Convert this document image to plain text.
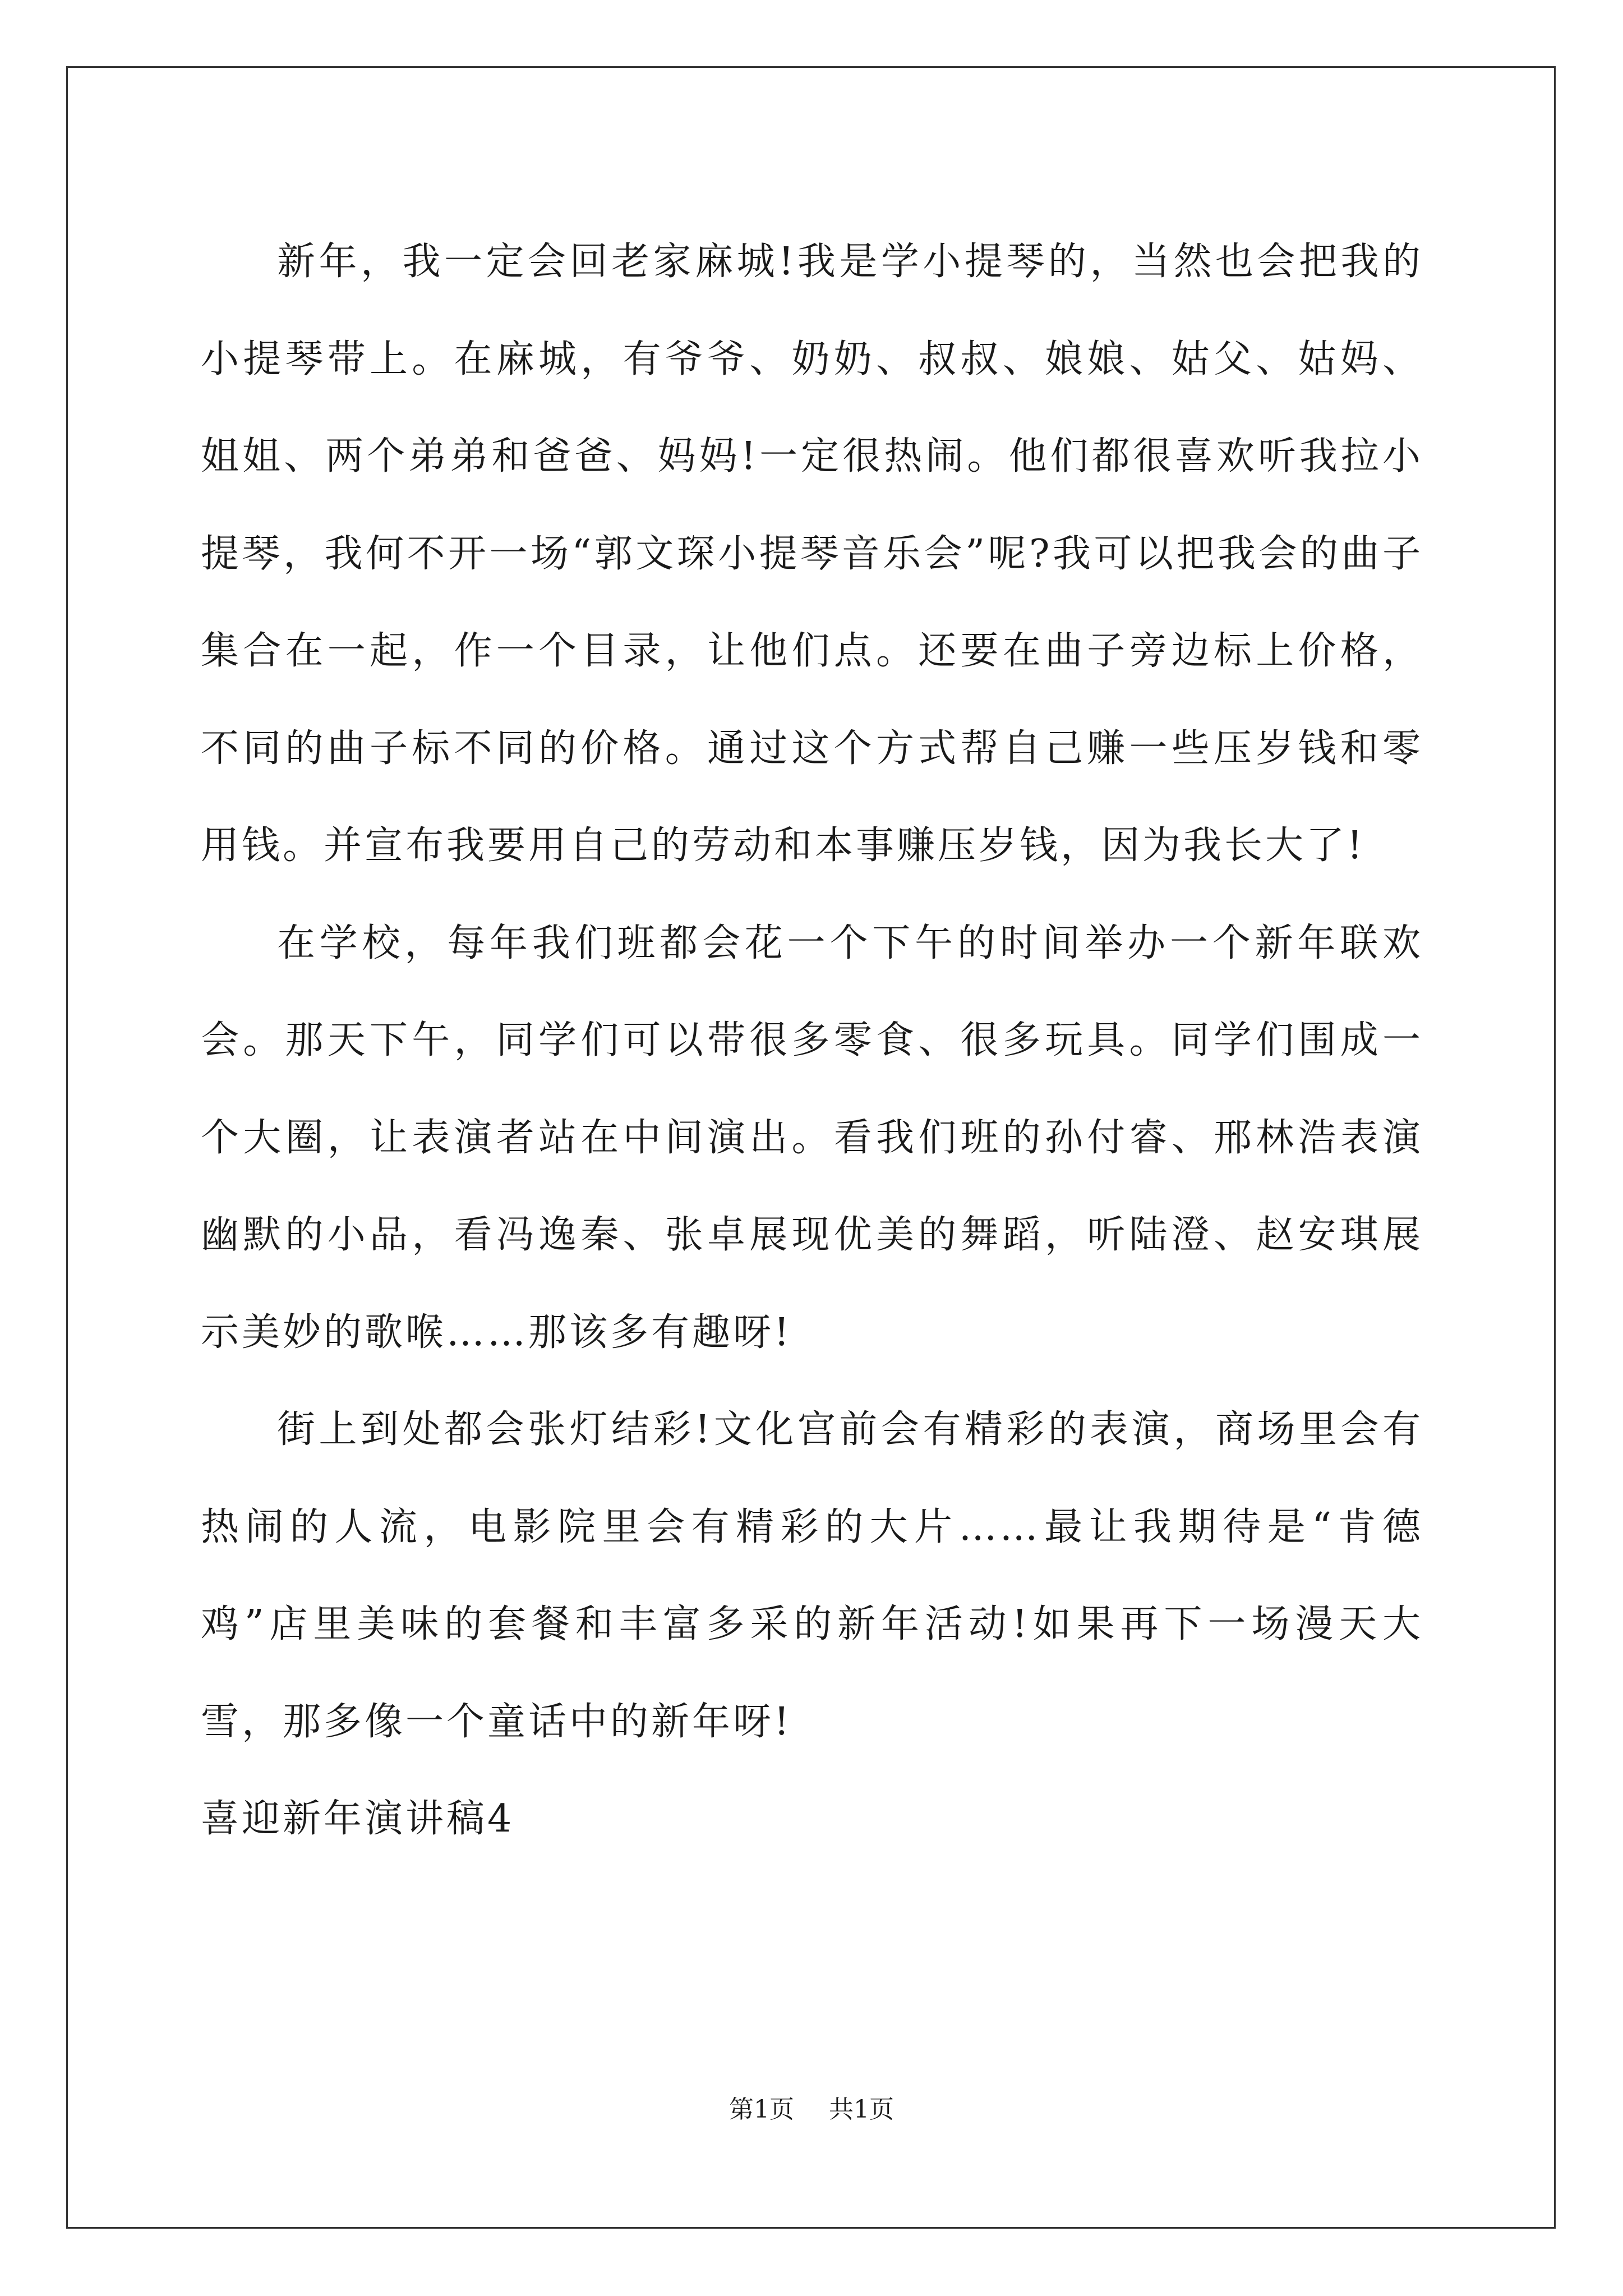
新年，我一定会回老家麻城!我是学小提琴的，当然也会把我的小提琴带上。在麻城，有爷爷、奶奶、叔叔、娘娘、姑父、姑妈、姐姐、两个弟弟和爸爸、妈妈!一定很热闹。他们都很喜欢听我拉小提琴，我何不开一场“郭文琛小提琴音乐会”呢?我可以把我会的曲子集合在一起，作一个目录，让他们点。还要在曲子旁边标上价格，不同的曲子标不同的价格。通过这个方式帮自己赚一些压岁钱和零用钱。并宣布我要用自己的劳动和本事赚压岁钱，因为我长大了!

在学校，每年我们班都会花一个下午的时间举办一个新年联欢会。那天下午，同学们可以带很多零食、很多玩具。同学们围成一个大圈，让表演者站在中间演出。看我们班的孙付睿、邢林浩表演幽默的小品，看冯逸秦、张卓展现优美的舞蹈，听陆澄、赵安琪展示美妙的歌喉……那该多有趣呀!

街上到处都会张灯结彩!文化宫前会有精彩的表演，商场里会有热闹的人流，电影院里会有精彩的大片……最让我期待是“肯德鸡”店里美味的套餐和丰富多采的新年活动!如果再下一场漫天大雪，那多像一个童话中的新年呀!

喜迎新年演讲稿4

第1页 共1页
